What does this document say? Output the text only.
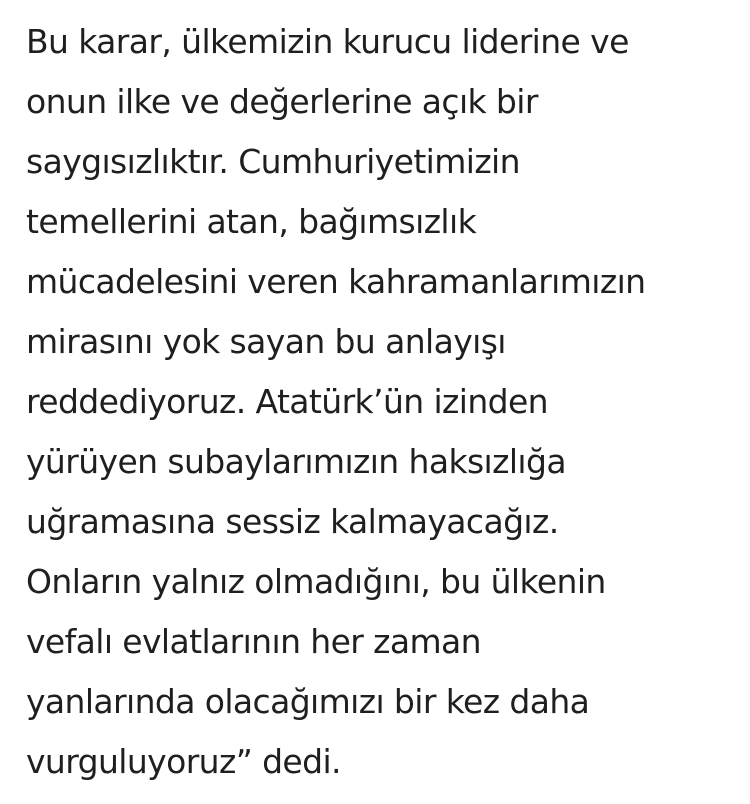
Bu karar, ülkemizin kurucu liderine ve
onun ilke ve değerlerine açık bir
saygısızlıktır. Cumhuriyetimizin
temellerini atan, bağımsızlık
mücadelesini veren kahramanlarımızın
mirasını yok sayan bu anlayışı
reddediyoruz. Atatürk’ün izinden
yürüyen subaylarımızın haksızlığa
uğramasına sessiz kalmayacağız.
Onların yalnız olmadığını, bu ülkenin
vefalı evlatlarının her zaman
yanlarında olacağımızı bir kez daha
vurguluyoruz” dedi.
